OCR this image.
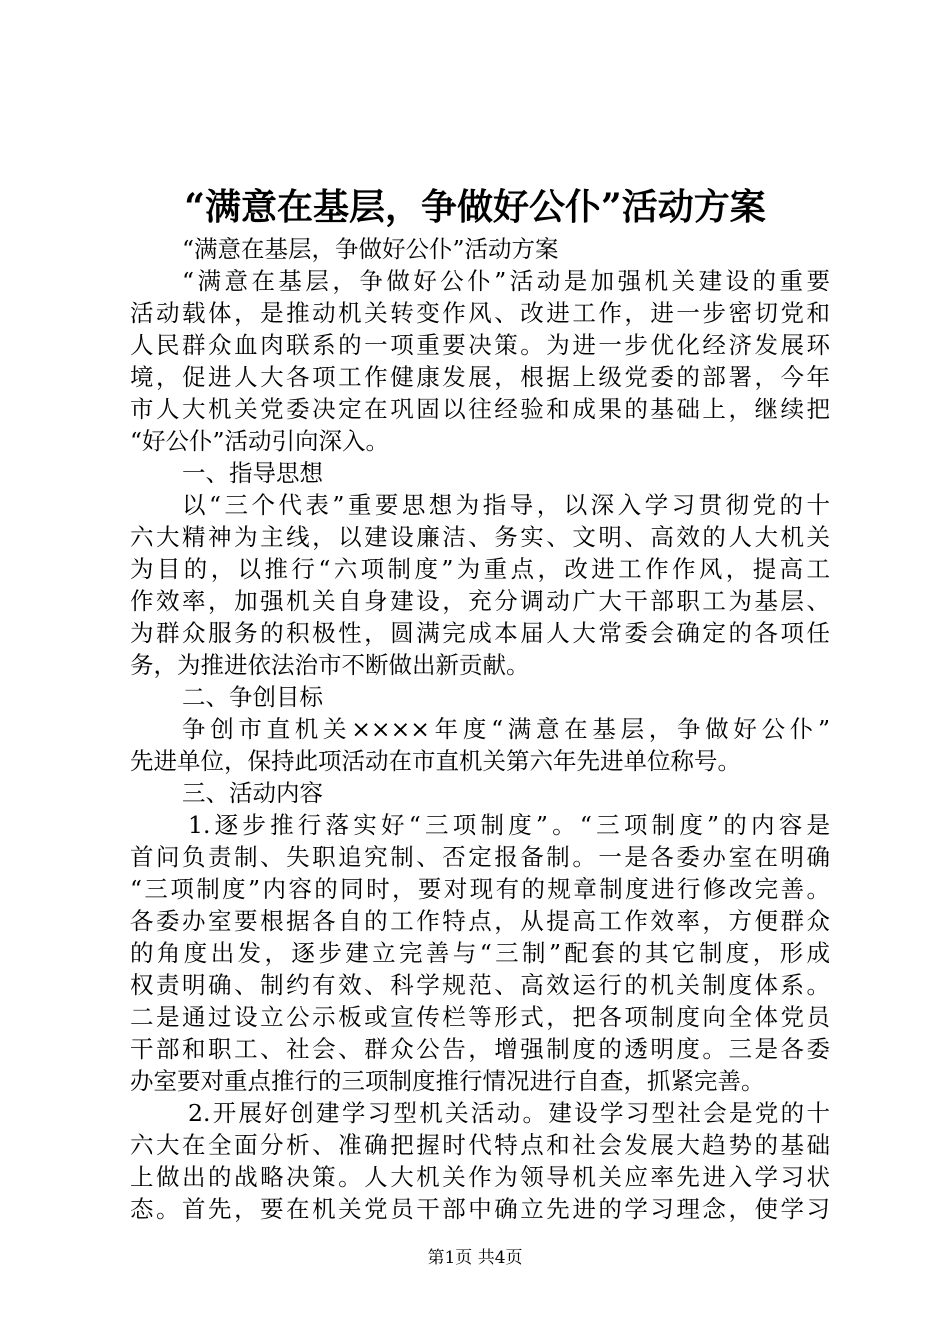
“满意在基层，争做好公仆”活动方案
“满意在基层，争做好公仆”活动方案
“满意在基层，争做好公仆”活动是加强机关建设的重要
活动载体，是推动机关转变作风、改进工作，进一步密切党和
人民群众血肉联系的一项重要决策。为进一步优化经济发展环
境，促进人大各项工作健康发展，根据上级党委的部署，今年
市人大机关党委决定在巩固以往经验和成果的基础上，继续把
“好公仆”活动引向深入。
一、指导思想
以“三个代表”重要思想为指导，以深入学习贯彻党的十
六大精神为主线，以建设廉洁、务实、文明、高效的人大机关
为目的，以推行“六项制度”为重点，改进工作作风，提高工
作效率，加强机关自身建设，充分调动广大干部职工为基层、
为群众服务的积极性，圆满完成本届人大常委会确定的各项任
务，为推进依法治市不断做出新贡献。
二、争创目标
争创市直机关××××年度“满意在基层，争做好公仆”
先进单位，保持此项活动在市直机关第六年先进单位称号。
三、活动内容
1.逐步推行落实好“三项制度”。“三项制度”的内容是
首问负责制、失职追究制、否定报备制。一是各委办室在明确
“三项制度”内容的同时，要对现有的规章制度进行修改完善。
各委办室要根据各自的工作特点，从提高工作效率，方便群众
的角度出发，逐步建立完善与“三制”配套的其它制度，形成
权责明确、制约有效、科学规范、高效运行的机关制度体系。
二是通过设立公示板或宣传栏等形式，把各项制度向全体党员
干部和职工、社会、群众公告，增强制度的透明度。三是各委
办室要对重点推行的三项制度推行情况进行自查，抓紧完善。
2.开展好创建学习型机关活动。建设学习型社会是党的十
六大在全面分析、准确把握时代特点和社会发展大趋势的基础
上做出的战略决策。人大机关作为领导机关应率先进入学习状
态。首先，要在机关党员干部中确立先进的学习理念，使学习
第1页 共4页
